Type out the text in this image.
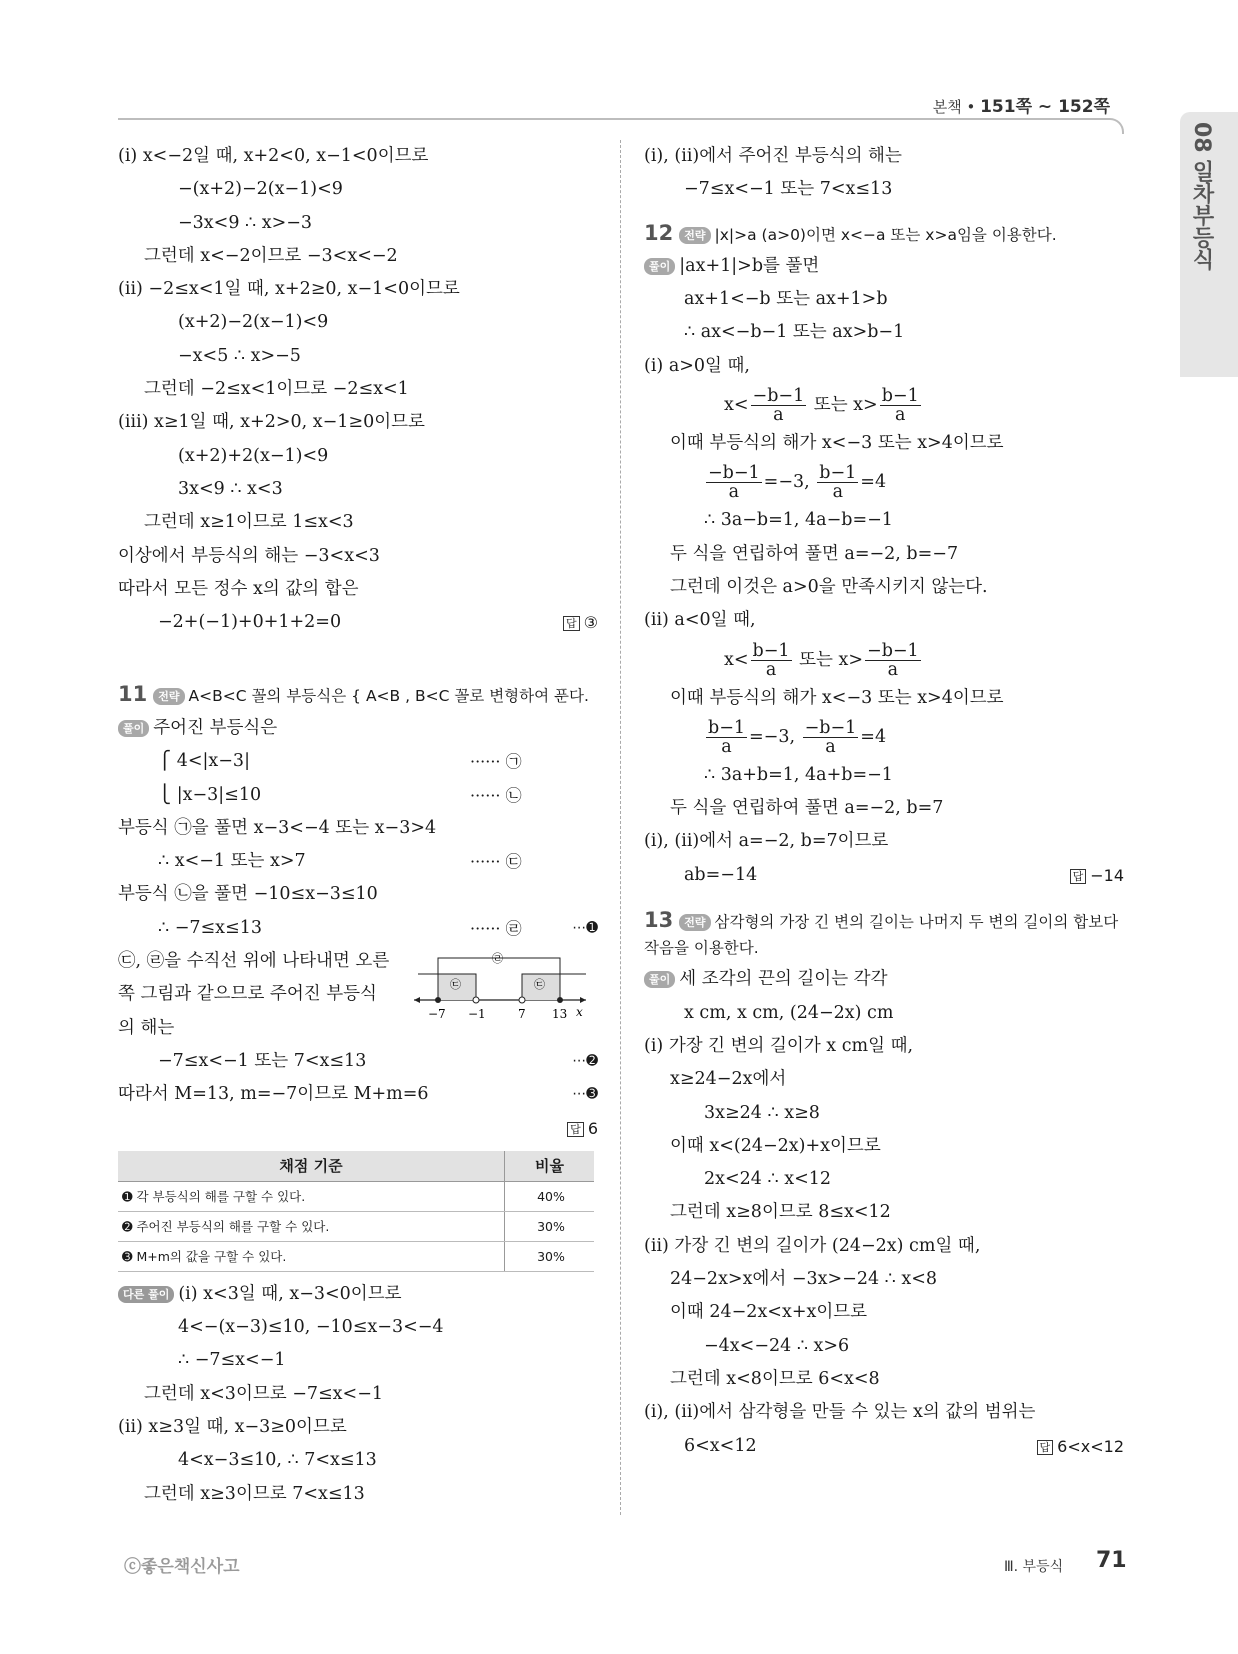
본책 • 151쪽 ~ 152쪽
08 일차부등식
(ⅰ) x<−2일 때, x+2<0, x−1<0이므로
−(x+2)−2(x−1)<9
−3x<9 ∴ x>−3
그런데 x<−2이므로 −3<x<−2
(ⅱ) −2≤x<1일 때, x+2≥0, x−1<0이므로
(x+2)−2(x−1)<9
−x<5 ∴ x>−5
그런데 −2≤x<1이므로 −2≤x<1
(ⅲ) x≥1일 때, x+2>0, x−1≥0이므로
(x+2)+2(x−1)<9
3x<9 ∴ x<3
그런데 x≥1이므로 1≤x<3
이상에서 부등식의 해는 −3<x<3
따라서 모든 정수 x의 값의 합은
−2+(−1)+0+1+2=0	답 ③
11 전략 A<B<C 꼴의 부등식은 { A<B , B<C 꼴로 변형하여 푼다.
풀이 주어진 부등식은
⎧ 4<|x−3|	······ ㉠
⎩ |x−3|≤10	······ ㉡
부등식 ㉠을 풀면 x−3<−4 또는 x−3>4
∴ x<−1 또는 x>7	······ ㉢
부등식 ㉡을 풀면 −10≤x−3≤10
∴ −7≤x≤13	······ ㉣	⋯➊
㉢, ㉣을 수직선 위에 나타내면 오른
쪽 그림과 같으므로 주어진 부등식
의 해는
−7≤x<−1 또는 7<x≤13	⋯➋
따라서 M=13, m=−7이므로 M+m=6	⋯➌
답 6
㉣
㉢	㉢
−7 −1	7 13 x
채점 기준	비율
➊ 각 부등식의 해를 구할 수 있다.	40%
➋ 주어진 부등식의 해를 구할 수 있다.	30%
➌ M+m의 값을 구할 수 있다.	30%
다른 풀이 (ⅰ) x<3일 때, x−3<0이므로
4<−(x−3)≤10, −10≤x−3<−4
∴ −7≤x<−1
그런데 x<3이므로 −7≤x<−1
(ⅱ) x≥3일 때, x−3≥0이므로
4<x−3≤10, ∴ 7<x≤13
그런데 x≥3이므로 7<x≤13
(ⅰ), (ⅱ)에서 주어진 부등식의 해는
−7≤x<−1 또는 7<x≤13
12 전략 |x|>a (a>0)이면 x<−a 또는 x>a임을 이용한다.
풀이 |ax+1|>b를 풀면
ax+1<−b 또는 ax+1>b
∴ ax<−b−1 또는 ax>b−1
(ⅰ) a>0일 때,
$x< \frac{-b-1}{a}$ 또는 $x> \frac{b-1}{a}$
이때 부등식의 해가 x<−3 또는 x>4이므로
$\frac{-b-1}{a} =-3$, $\frac{b-1}{a} =4$
∴ 3a−b=1, 4a−b=−1
두 식을 연립하여 풀면 a=−2, b=−7
그런데 이것은 a>0을 만족시키지 않는다.
(ⅱ) a<0일 때,
$x< \frac{b-1}{a}$ 또는 $x> \frac{-b-1}{a}$
이때 부등식의 해가 x<−3 또는 x>4이므로
$\frac{b-1}{a} =-3$, $\frac{-b-1}{a} =4$
∴ 3a+b=1, 4a+b=−1
두 식을 연립하여 풀면 a=−2, b=7
(ⅰ), (ⅱ)에서 a=−2, b=7이므로
ab=−14	답 −14
13 전략 삼각형의 가장 긴 변의 길이는 나머지 두 변의 길이의 합보다
작음을 이용한다.
풀이 세 조각의 끈의 길이는 각각
x cm, x cm, (24−2x) cm
(ⅰ) 가장 긴 변의 길이가 x cm일 때,
x≥24−2x에서
3x≥24 ∴ x≥8
이때 x<(24−2x)+x이므로
2x<24 ∴ x<12
그런데 x≥8이므로 8≤x<12
(ⅱ) 가장 긴 변의 길이가 (24−2x) cm일 때,
24−2x>x에서 −3x>−24 ∴ x<8
이때 24−2x<x+x이므로
−4x<−24 ∴ x>6
그런데 x<8이므로 6<x<8
(ⅰ), (ⅱ)에서 삼각형을 만들 수 있는 x의 값의 범위는
6<x<12	답 6<x<12
ⓒ좋은책신사고	Ⅲ. 부등식 71
